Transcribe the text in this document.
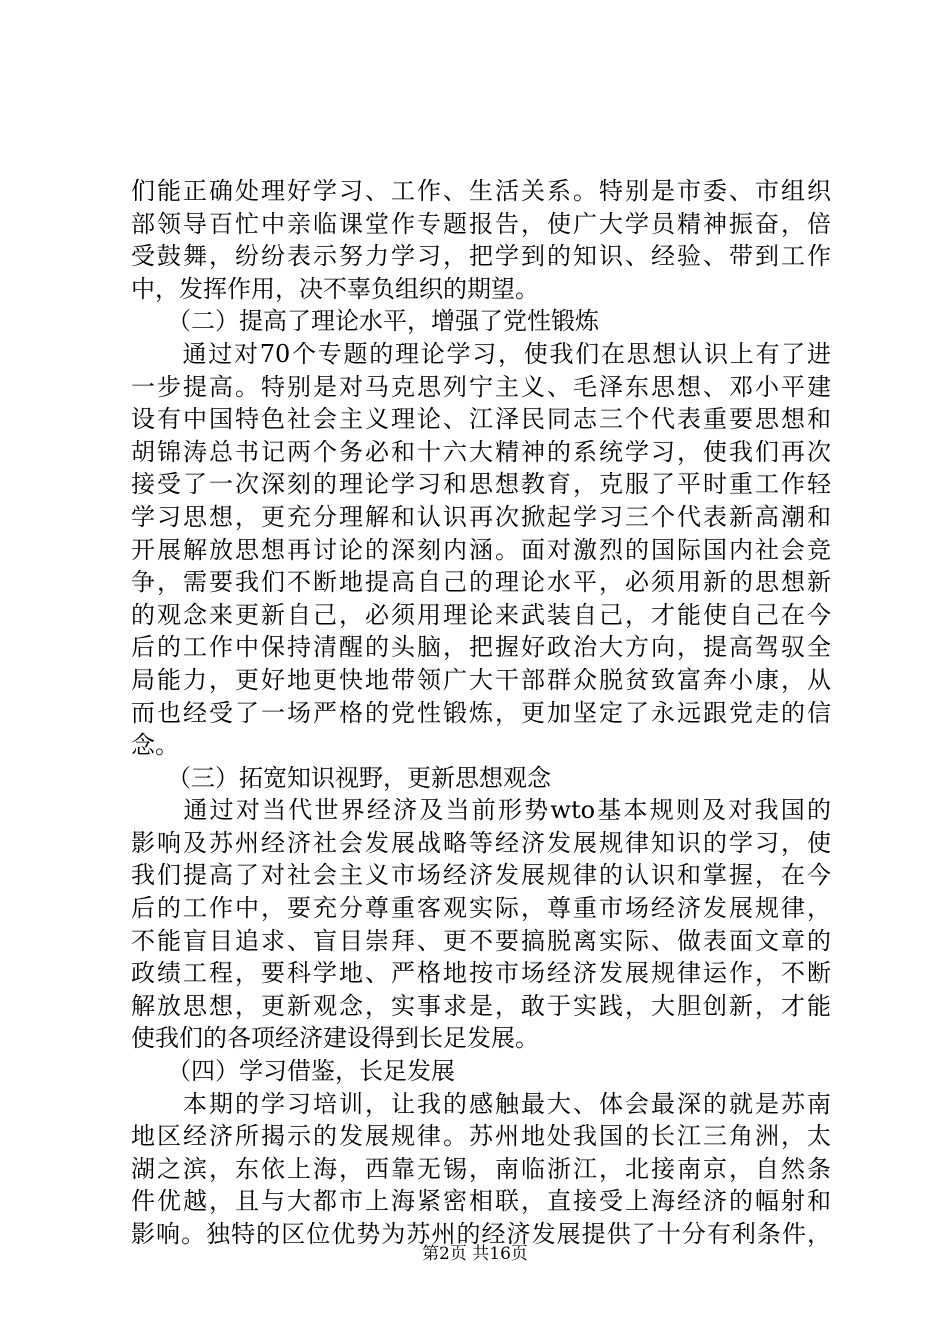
们能正确处理好学习、工作、生活关系。特别是市委、市组织
部领导百忙中亲临课堂作专题报告，使广大学员精神振奋，倍
受鼓舞，纷纷表示努力学习，把学到的知识、经验、带到工作
中，发挥作用，决不辜负组织的期望。
　　（二）提高了理论水平，增强了党性锻炼
　　通过对70个专题的理论学习，使我们在思想认识上有了进
一步提高。特别是对马克思列宁主义、毛泽东思想、邓小平建
设有中国特色社会主义理论、江泽民同志三个代表重要思想和
胡锦涛总书记两个务必和十六大精神的系统学习，使我们再次
接受了一次深刻的理论学习和思想教育，克服了平时重工作轻
学习思想，更充分理解和认识再次掀起学习三个代表新高潮和
开展解放思想再讨论的深刻内涵。面对激烈的国际国内社会竞
争，需要我们不断地提高自己的理论水平，必须用新的思想新
的观念来更新自己，必须用理论来武装自己，才能使自己在今
后的工作中保持清醒的头脑，把握好政治大方向，提高驾驭全
局能力，更好地更快地带领广大干部群众脱贫致富奔小康，从
而也经受了一场严格的党性锻炼，更加坚定了永远跟党走的信
念。
　　（三）拓宽知识视野，更新思想观念
　　通过对当代世界经济及当前形势wto基本规则及对我国的
影响及苏州经济社会发展战略等经济发展规律知识的学习，使
我们提高了对社会主义市场经济发展规律的认识和掌握，在今
后的工作中，要充分尊重客观实际，尊重市场经济发展规律，
不能盲目追求、盲目崇拜、更不要搞脱离实际、做表面文章的
政绩工程，要科学地、严格地按市场经济发展规律运作，不断
解放思想，更新观念，实事求是，敢于实践，大胆创新，才能
使我们的各项经济建设得到长足发展。
　　（四）学习借鉴，长足发展
　　本期的学习培训，让我的感触最大、体会最深的就是苏南
地区经济所揭示的发展规律。苏州地处我国的长江三角洲，太
湖之滨，东依上海，西靠无锡，南临浙江，北接南京，自然条
件优越，且与大都市上海紧密相联，直接受上海经济的幅射和
影响。独特的区位优势为苏州的经济发展提供了十分有利条件，
第2页 共16页
